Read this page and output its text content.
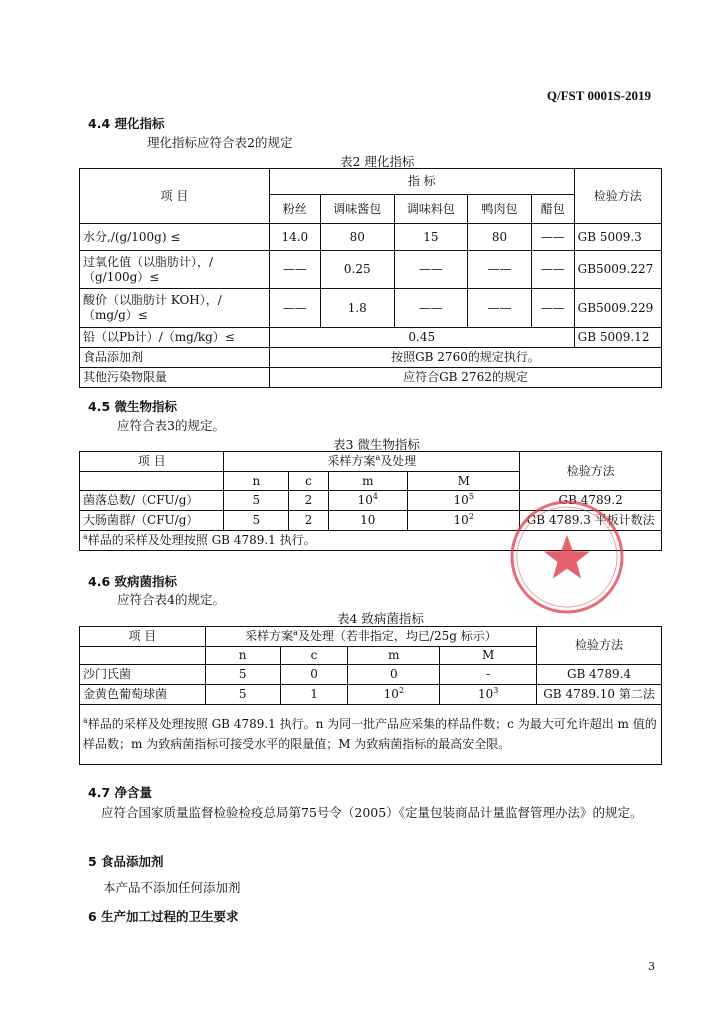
Q/FST 0001S-2019
4.4 理化指标
理化指标应符合表2的规定
表2 理化指标
项 目	指 标					检验方法
	粉丝	调味酱包	调味料包	鸭肉包	醋包	
水分,/(g/100g) ≤	14.0	80	15	80	——	GB 5009.3
过氧化值（以脂肪计），/（g/100g）≤	——	0.25	——	——	——	GB5009.227
酸价（以脂肪计 KOH），/（mg/g）≤	——	1.8	——	——	——	GB5009.229
铅（以Pb计）/（mg/kg）≤	0.45					GB 5009.12
食品添加剂	按照GB 2760的规定执行。					
其他污染物限量	应符合GB 2762的规定					
4.5 微生物指标
应符合表3的规定。
表3 微生物指标
项 目	采样方案$^a$及处理				检验方法
	n	c	m	M	
菌落总数/（CFU/g）	5	2	$10^4$	$10^5$	GB 4789.2
大肠菌群/（CFU/g）	5	2	10	$10^2$	GB 4789.3 平板计数法
$^a$样品的采样及处理按照 GB 4789.1 执行。					
4.6 致病菌指标
应符合表4的规定。
表4 致病菌指标
项 目	采样方案$^a$及处理（若非指定，均已/25g 标示）				检验方法
	n	c	m	M	
沙门氏菌	5	0	0	-	GB 4789.4
金黄色葡萄球菌	5	1	$10^2$	$10^3$	GB 4789.10 第二法
$^a$样品的采样及处理按照 GB 4789.1 执行。n 为同一批产品应采集的样品件数；c 为最大可允许超出 m 值的样品数；m 为致病菌指标可接受水平的限量值；M 为致病菌指标的最高安全限。					
4.7 净含量
应符合国家质量监督检验检疫总局第75号令（2005）《定量包装商品计量监督管理办法》的规定。
5 食品添加剂
本产品不添加任何添加剂
6 生产加工过程的卫生要求
3
